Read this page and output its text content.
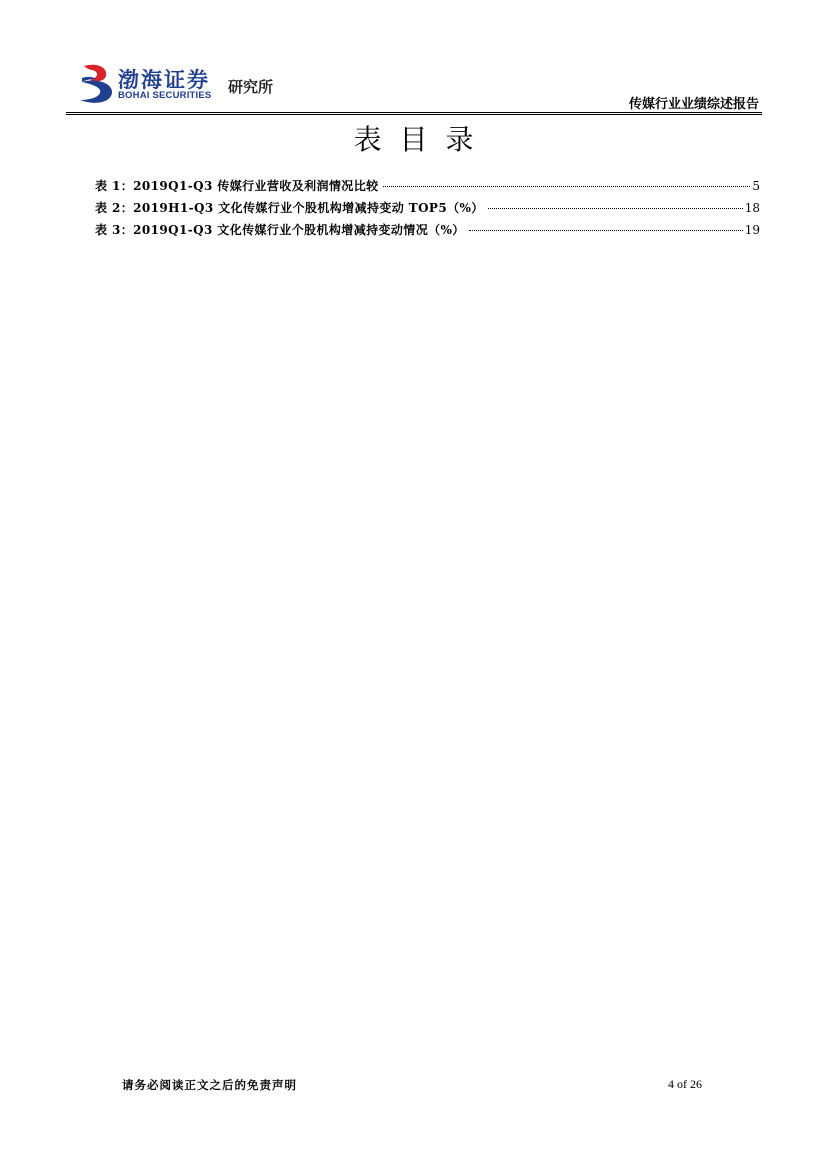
渤海证券
BOHAI SECURITIES 研究所
传媒行业业绩综述报告
表目录
表 1：2019Q1-Q3 传媒行业营收及利润情况比较	5
表 2：2019H1-Q3 文化传媒行业个股机构增减持变动 TOP5（%）	18
表 3：2019Q1-Q3 文化传媒行业个股机构增减持变动情况（%）	19
请务必阅读正文之后的免责声明	4 of 26
